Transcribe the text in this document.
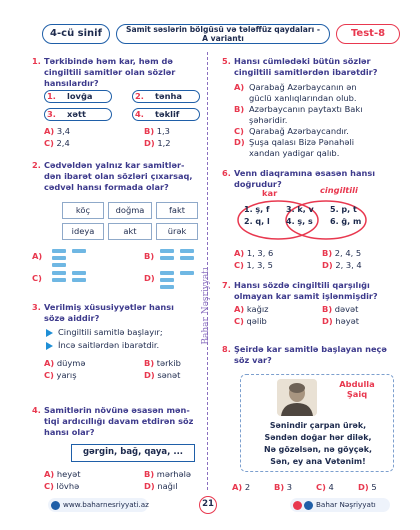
4-cü sinif	Samit səslərin bölgüsü və tələffüz qaydaları -
A variantı	Test-8
Bahar Nəşriyyatı
1. Tərkibində həm kar, həm də
cingiltili samitlər olan sözlər
hansılardır?
1. lovğa	2. tənha
3. xətt	4. təklif
A) 3,4	B) 1,3
C) 2,4	D) 1,2
2. Cədvəldən yalnız kar samitlər-
dən ibarət olan sözləri çıxarsaq,
cədvəl hansı formada olar?
köç	doğma	fakt
ideya	akt	ürək
A)	B)
C)	D)
3. Verilmiş xüsusiyyətlər hansı
sözə aiddir?
Cingiltili samitlə başlayır;
İncə saitlərdən ibarətdir.
A) düymə	B) tərkib
C) yarış	D) sənət
4. Samitlərin növünə əsasən mən-
tiqi ardıcıllığı davam etdirən söz
hansı olar?
A) heyət	B) mərhələ
C) lövhə	D) nağıl
gərgin, bağ, qaya, ...
5. Hansı cümlədəki bütün sözlər
cingiltili samitlərdən ibarətdir?
A) Qarabağ Azərbaycanın ən
güclü xanlıqlarından olub.
B) Azərbaycanın paytaxtı Bakı
şəhəridir.
C) Qarabağ Azərbaycandır.
D) Şuşa qalası Bizə Pənahəli
xandan yadigar qalıb.
6. Venn diaqramına əsasən hansı
doğrudur?
kar	cingiltili
1. ş, f
2. q, l
3. k, v
4. ş, s
5. p, t
6. ğ, m
A) 1, 3, 6	B) 2, 4, 5
C) 1, 3, 5	D) 2, 3, 4
7. Hansı sözdə cingiltili qarşılığı
olmayan kar samit işlənmişdir?
A) kağız	B) dəvət
C) qəlib	D) həyət
8. Şeirdə kar samitlə başlayan neçə
söz var?
Abdulla
Şaiq
Sənindir çarpan ürək,
Səndən doğar hər dilək,
Nə gözəlsən, nə göyçək,
Sən, ey ana Vətənim!
A) 2	B) 3	C) 4	D) 5
www.baharnesriyyati.az	21	Bahar Nəşriyyatı
